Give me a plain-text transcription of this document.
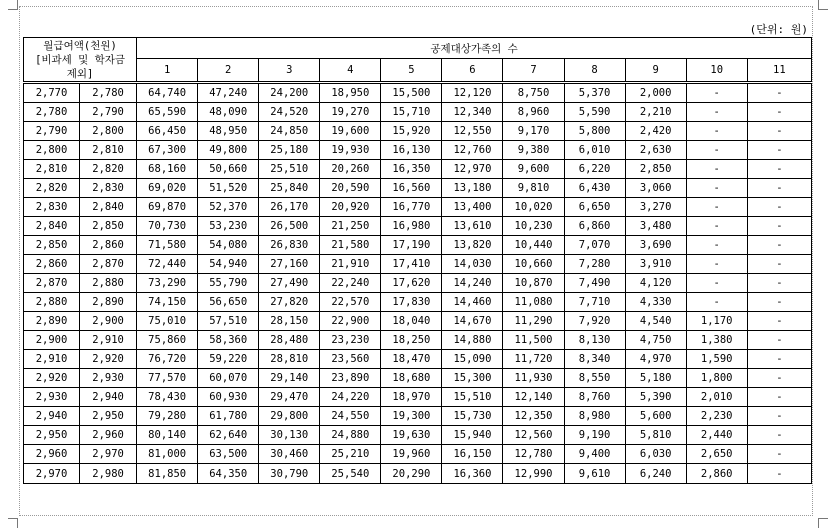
(단위: 원)
월급여액(천원)
[비과세 및 학자금
제외]		공제대상가족의 수										
		1	2	3	4	5	6	7	8	9	10	11
2,770	2,780	64,740	47,240	24,200	18,950	15,500	12,120	8,750	5,370	2,000	-	-
2,780	2,790	65,590	48,090	24,520	19,270	15,710	12,340	8,960	5,590	2,210	-	-
2,790	2,800	66,450	48,950	24,850	19,600	15,920	12,550	9,170	5,800	2,420	-	-
2,800	2,810	67,300	49,800	25,180	19,930	16,130	12,760	9,380	6,010	2,630	-	-
2,810	2,820	68,160	50,660	25,510	20,260	16,350	12,970	9,600	6,220	2,850	-	-
2,820	2,830	69,020	51,520	25,840	20,590	16,560	13,180	9,810	6,430	3,060	-	-
2,830	2,840	69,870	52,370	26,170	20,920	16,770	13,400	10,020	6,650	3,270	-	-
2,840	2,850	70,730	53,230	26,500	21,250	16,980	13,610	10,230	6,860	3,480	-	-
2,850	2,860	71,580	54,080	26,830	21,580	17,190	13,820	10,440	7,070	3,690	-	-
2,860	2,870	72,440	54,940	27,160	21,910	17,410	14,030	10,660	7,280	3,910	-	-
2,870	2,880	73,290	55,790	27,490	22,240	17,620	14,240	10,870	7,490	4,120	-	-
2,880	2,890	74,150	56,650	27,820	22,570	17,830	14,460	11,080	7,710	4,330	-	-
2,890	2,900	75,010	57,510	28,150	22,900	18,040	14,670	11,290	7,920	4,540	1,170	-
2,900	2,910	75,860	58,360	28,480	23,230	18,250	14,880	11,500	8,130	4,750	1,380	-
2,910	2,920	76,720	59,220	28,810	23,560	18,470	15,090	11,720	8,340	4,970	1,590	-
2,920	2,930	77,570	60,070	29,140	23,890	18,680	15,300	11,930	8,550	5,180	1,800	-
2,930	2,940	78,430	60,930	29,470	24,220	18,970	15,510	12,140	8,760	5,390	2,010	-
2,940	2,950	79,280	61,780	29,800	24,550	19,300	15,730	12,350	8,980	5,600	2,230	-
2,950	2,960	80,140	62,640	30,130	24,880	19,630	15,940	12,560	9,190	5,810	2,440	-
2,960	2,970	81,000	63,500	30,460	25,210	19,960	16,150	12,780	9,400	6,030	2,650	-
2,970	2,980	81,850	64,350	30,790	25,540	20,290	16,360	12,990	9,610	6,240	2,860	-
